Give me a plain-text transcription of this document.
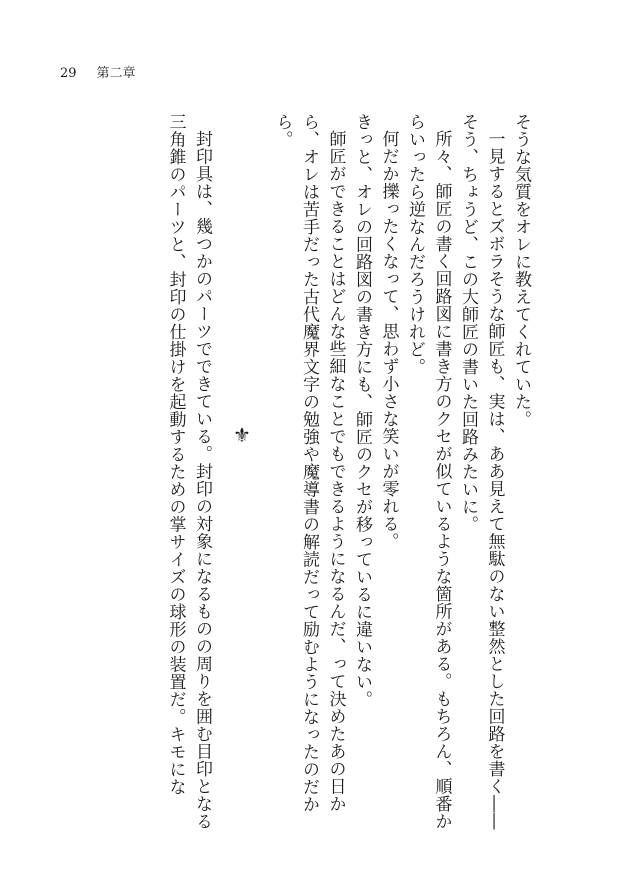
29 第二章

そうな気質をオレに教えてくれていた。

一見するとズボラそうな師匠も、実は、ああ見えて無駄のない整然とした回路を書く――

そう、ちょうど、この大師匠の書いた回路みたいに。

所々、師匠の書く回路図に書き方のクセが似ているような箇所がある。もちろん、順番からいったら逆なんだろうけれど。

何だか擽ったくなって、思わず小さな笑いが零れる。

きっと、オレの回路図の書き方にも、師匠のクセが移っているに違いない。

師匠ができることはどんな些細なことでもできるようになるんだ、って決めたあの日から、オレは苦手だった古代魔界文字の勉強や魔導書の解読だって励むようになったのだから。

⚜

封印具は、幾つかのパーツでできている。封印の対象になるものの周りを囲む目印となる三角錐のパーツと、封印の仕掛けを起動するための掌サイズの球形の装置だ。キモにな
